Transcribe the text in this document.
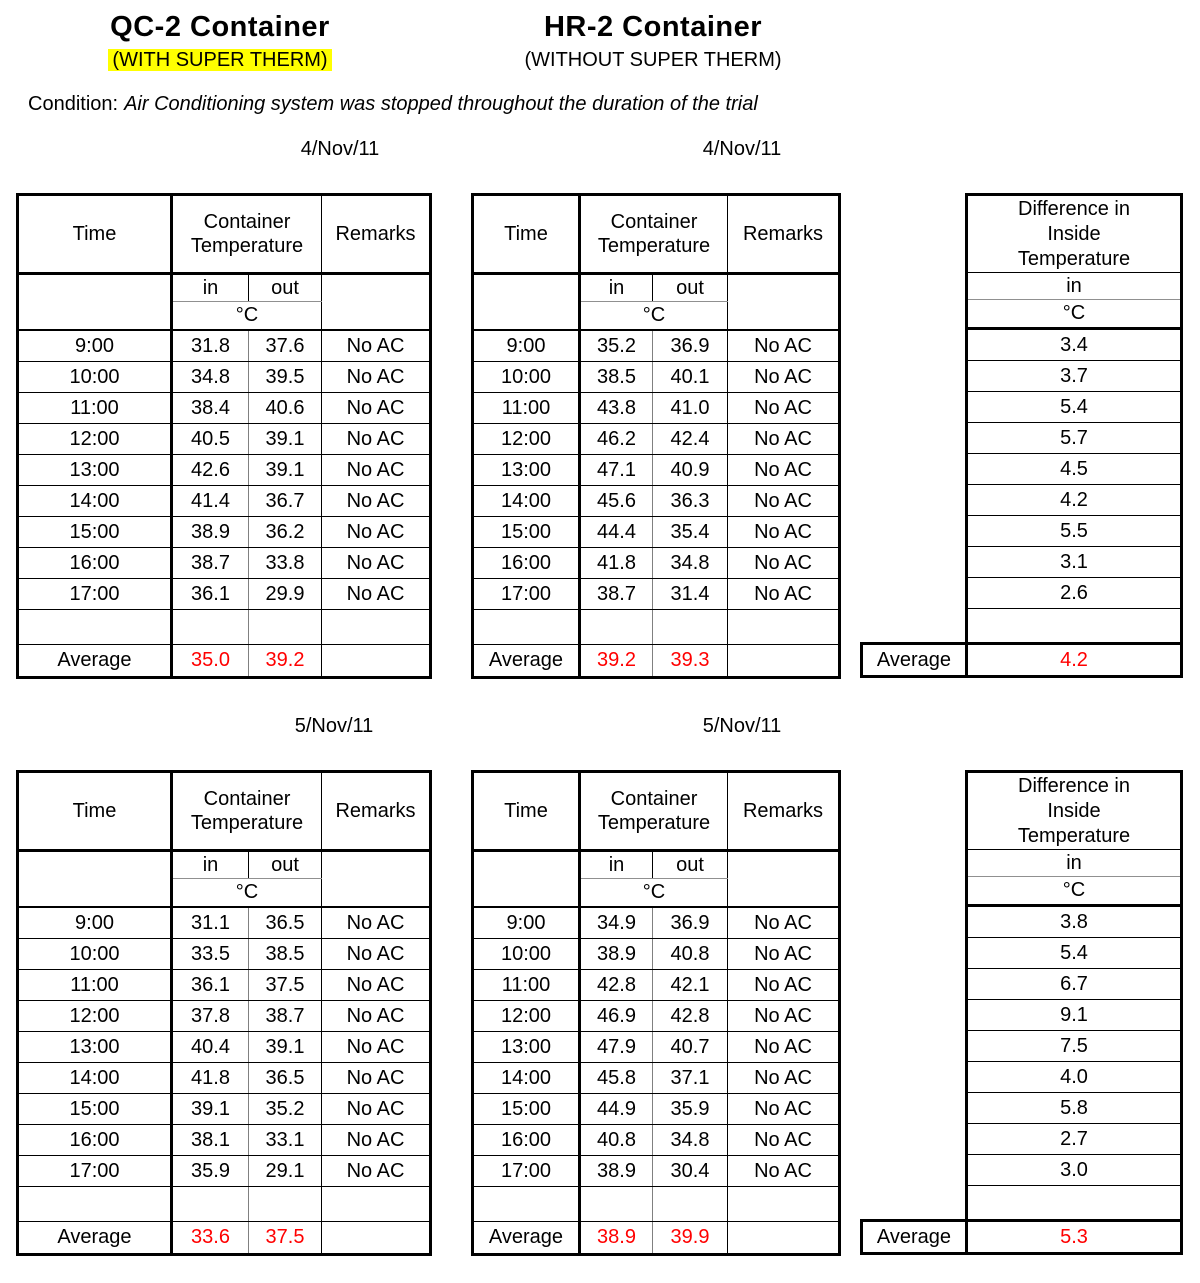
QC-2 Container
(WITH SUPER THERM)
HR-2 Container
(WITHOUT SUPER THERM)
Condition: Air Conditioning system was stopped throughout the duration of the trial
4/Nov/11	4/Nov/11
5/Nov/11	5/Nov/11
Time	Container Temperature		Remarks
	in	out	
	°C		
9:00	31.8	37.6	No AC
10:00	34.8	39.5	No AC
11:00	38.4	40.6	No AC
12:00	40.5	39.1	No AC
13:00	42.6	39.1	No AC
14:00	41.4	36.7	No AC
15:00	38.9	36.2	No AC
16:00	38.7	33.8	No AC
17:00	36.1	29.9	No AC

Average	35.0	39.2	
Time	Container Temperature		Remarks
	in	out	
	°C		
9:00	35.2	36.9	No AC
10:00	38.5	40.1	No AC
11:00	43.8	41.0	No AC
12:00	46.2	42.4	No AC
13:00	47.1	40.9	No AC
14:00	45.6	36.3	No AC
15:00	44.4	35.4	No AC
16:00	41.8	34.8	No AC
17:00	38.7	31.4	No AC

Average	39.2	39.3	

	Difference in
Inside
Temperature

	in
	°C
	3.4
	3.7
	5.4
	5.7
	4.5
	4.2
	5.5
	3.1
	2.6

Average	4.2
Time	Container Temperature		Remarks
	in	out	
	°C		
9:00	31.1	36.5	No AC
10:00	33.5	38.5	No AC
11:00	36.1	37.5	No AC
12:00	37.8	38.7	No AC
13:00	40.4	39.1	No AC
14:00	41.8	36.5	No AC
15:00	39.1	35.2	No AC
16:00	38.1	33.1	No AC
17:00	35.9	29.1	No AC

Average	33.6	37.5	
Time	Container Temperature		Remarks
	in	out	
	°C		
9:00	34.9	36.9	No AC
10:00	38.9	40.8	No AC
11:00	42.8	42.1	No AC
12:00	46.9	42.8	No AC
13:00	47.9	40.7	No AC
14:00	45.8	37.1	No AC
15:00	44.9	35.9	No AC
16:00	40.8	34.8	No AC
17:00	38.9	30.4	No AC

Average	38.9	39.9	

	Difference in
Inside
Temperature

	in
	°C
	3.8
	5.4
	6.7
	9.1
	7.5
	4.0
	5.8
	2.7
	3.0

Average	5.3
